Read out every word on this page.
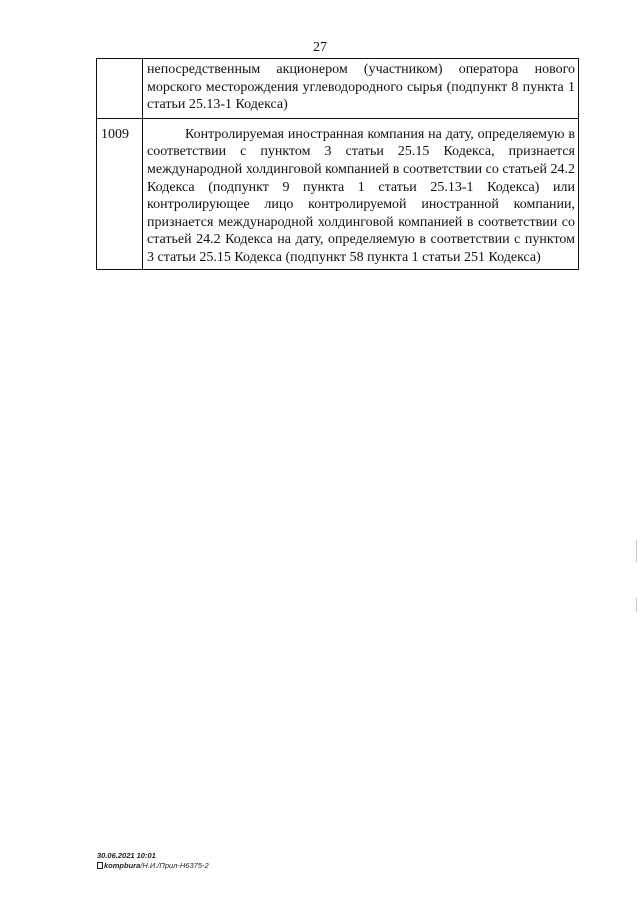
27
	непосредственным акционером (участником) оператора нового морского месторождения углеводородного сырья (подпункт 8 пункта 1 статьи 25.13-1 Кодекса)
1009	Контролируемая иностранная компания на дату, определяемую в соответствии с пунктом 3 статьи 25.15 Кодекса, признается международной холдинговой компанией в соответствии со статьей 24.2 Кодекса (подпункт 9 пункта 1 статьи 25.13-1 Кодекса) или контролирующее лицо контролируемой иностранной компании, признается международной холдинговой компанией в соответствии со статьей 24.2 Кодекса на дату, определяемую в соответствии с пунктом 3 статьи 25.15 Кодекса (подпункт 58 пункта 1 статьи 251 Кодекса)
30.06.2021 10:01
kompbura/Н.И./Прил-Н6375-2
